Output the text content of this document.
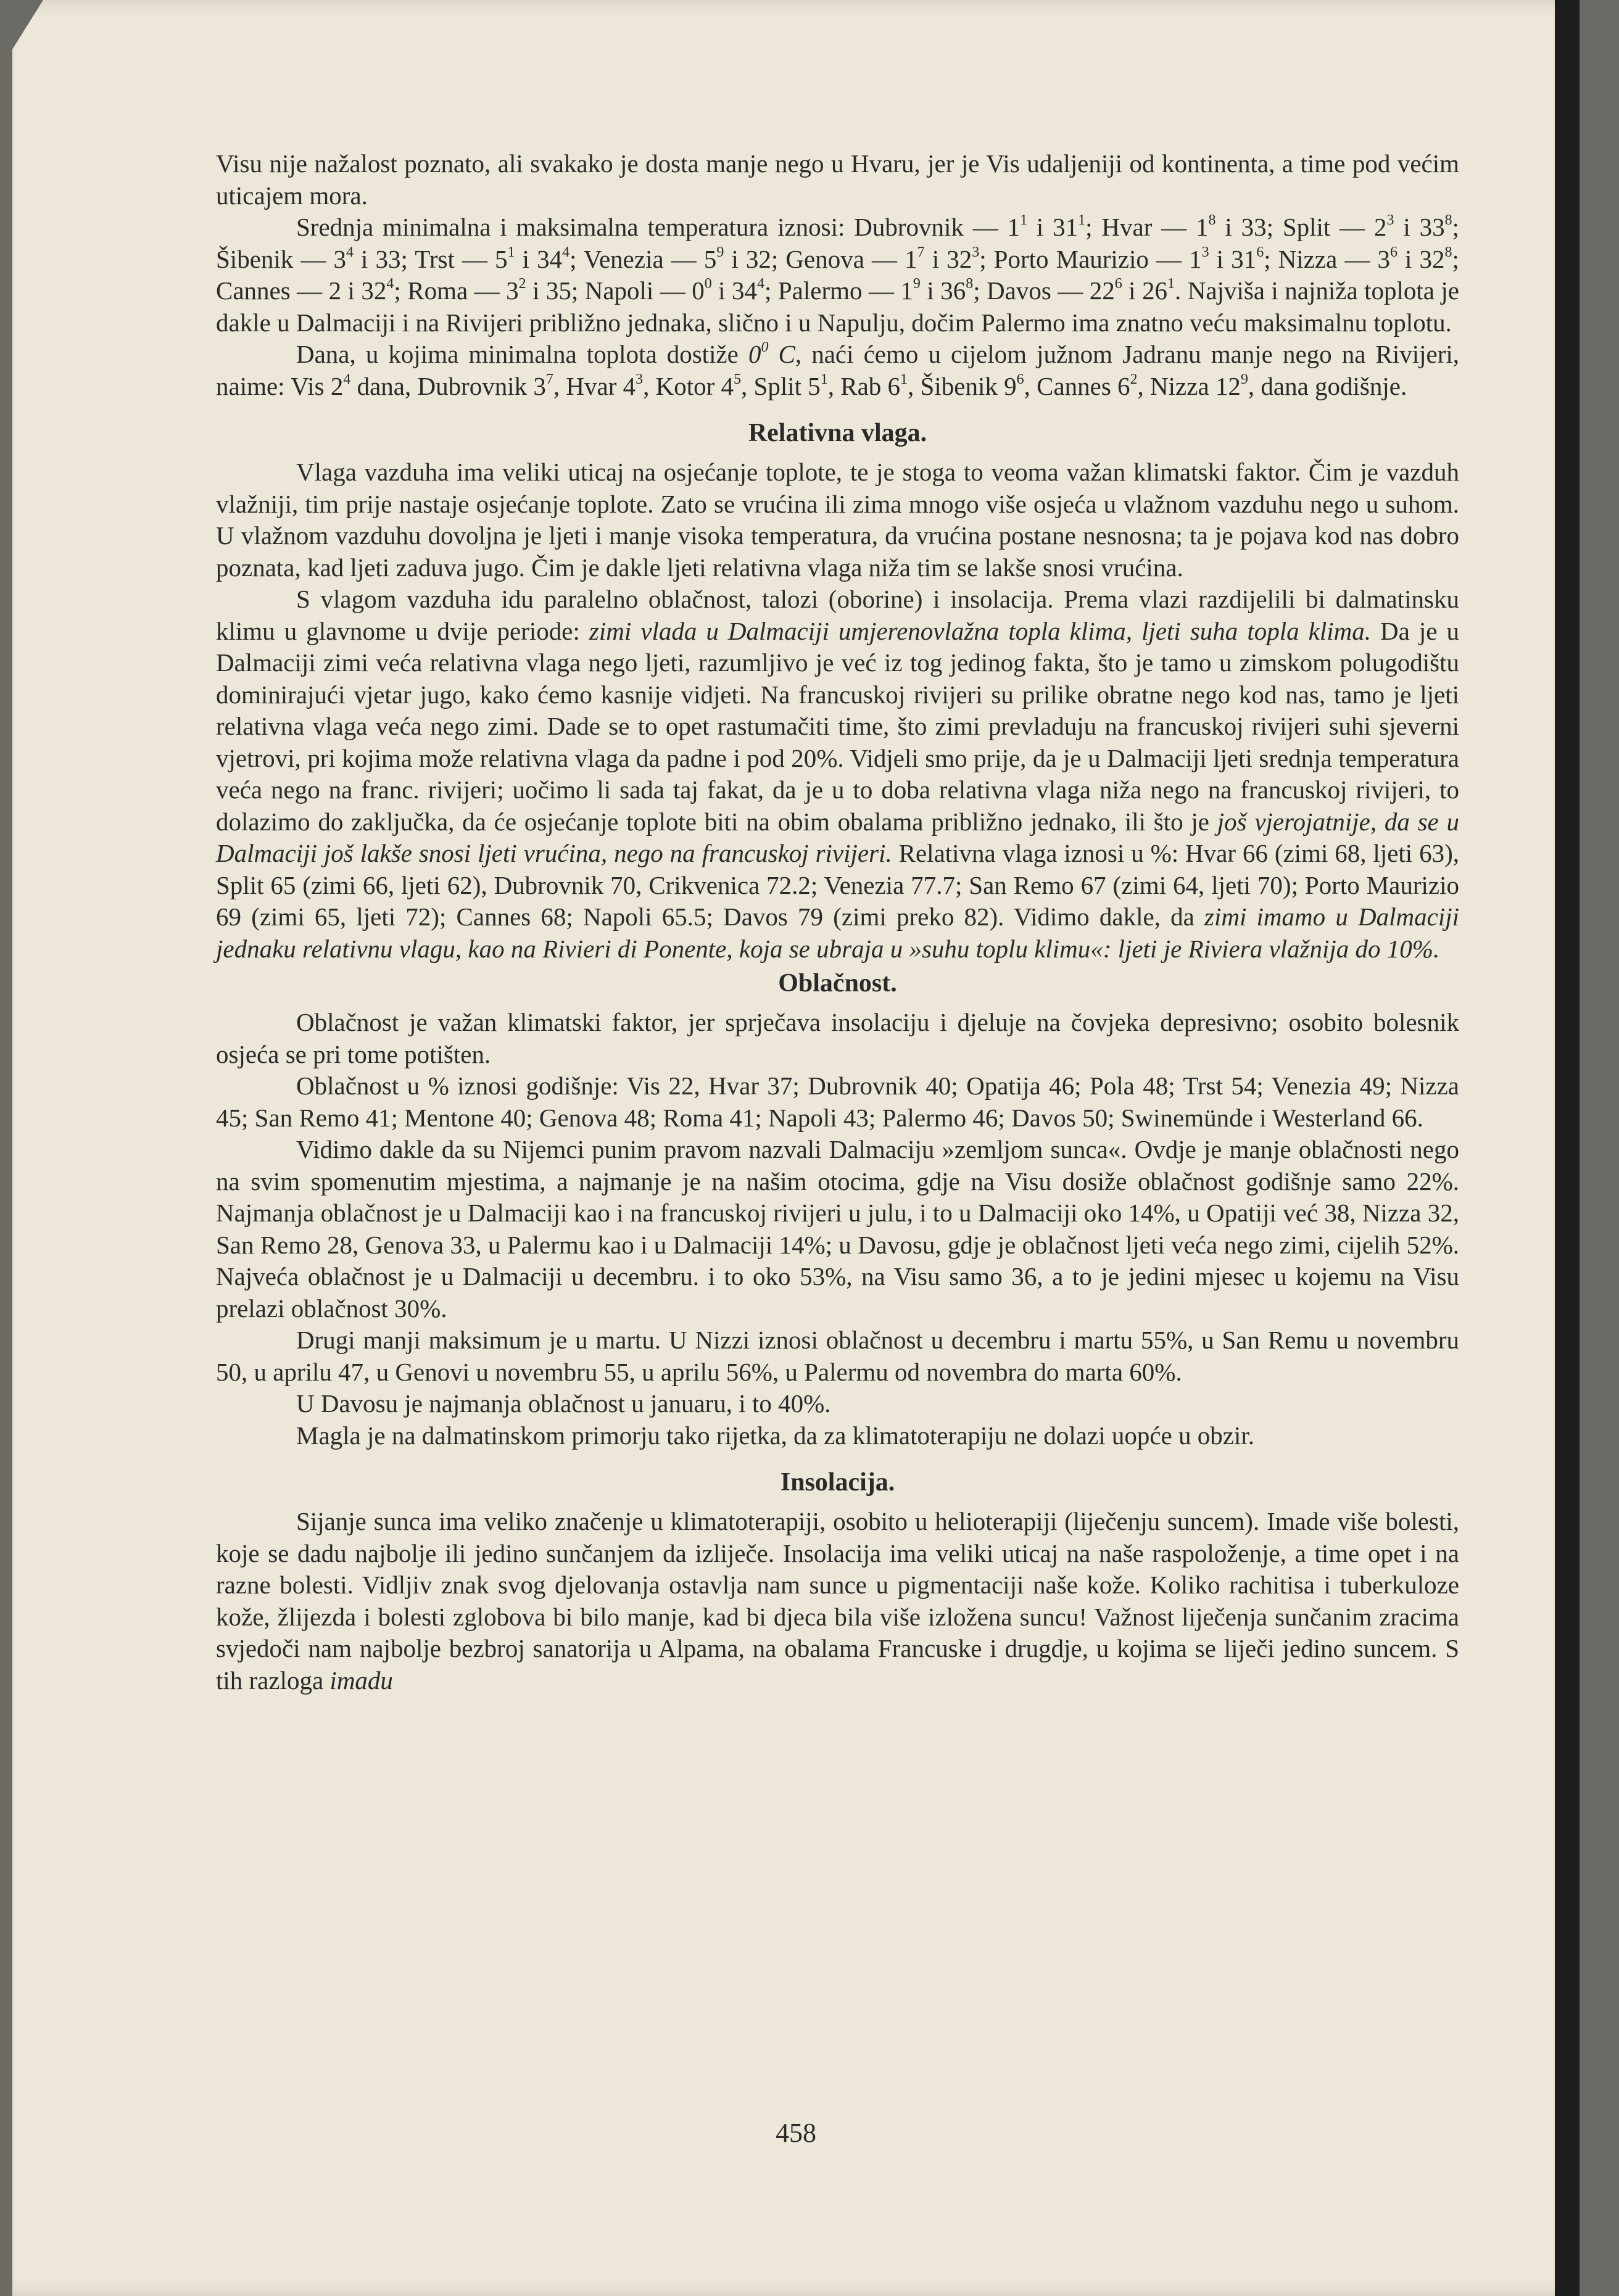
Visu nije nažalost poznato, ali svakako je dosta manje nego u Hvaru, jer je Vis udaljeniji od kontinenta, a time pod većim uticajem mora.

Srednja minimalna i maksimalna temperatura iznosi: Dubrovnik — $1^1$ i $31^1$; Hvar — $1^8$ i 33; Split — $2^3$ i $33^8$; Šibenik — $3^4$ i 33; Trst — $5^1$ i $34^4$; Venezia — $5^9$ i 32; Genova — $1^7$ i $32^3$; Porto Maurizio — $1^3$ i $31^6$; Nizza — $3^6$ i $32^8$; Cannes — 2 i $32^4$; Roma — $3^2$ i 35; Napoli — $0^0$ i $34^4$; Palermo — $1^9$ i $36^8$; Davos — $22^6$ i $26^1$. Najviša i najniža toplota je dakle u Dalmaciji i na Rivijeri približno jednaka, slično i u Napulju, dočim Palermo ima znatno veću maksimalnu toplotu.

Dana, u kojima minimalna toplota dostiže $0^0$ C, naći ćemo u cijelom južnom Jadranu manje nego na Rivijeri, naime: Vis $2^4$ dana, Dubrovnik $3^7$, Hvar $4^3$, Kotor $4^5$, Split $5^1$, Rab $6^1$, Šibenik $9^6$, Cannes $6^2$, Nizza $12^9$, dana godišnje.

Relativna vlaga.

Vlaga vazduha ima veliki uticaj na osjećanje toplote, te je stoga to veoma važan klimatski faktor. Čim je vazduh vlažniji, tim prije nastaje osjećanje toplote. Zato se vrućina ili zima mnogo više osjeća u vlažnom vazduhu nego u suhom. U vlažnom vazduhu dovoljna je ljeti i manje visoka temperatura, da vrućina postane nesnosna; ta je pojava kod nas dobro poznata, kad ljeti zaduva jugo. Čim je dakle ljeti relativna vlaga niža tim se lakše snosi vrućina.

S vlagom vazduha idu paralelno oblačnost, talozi (oborine) i insolacija. Prema vlazi razdijelili bi dalmatinsku klimu u glavnome u dvije periode: zimi vlada u Dalmaciji umjerenovlažna topla klima, ljeti suha topla klima. Da je u Dalmaciji zimi veća relativna vlaga nego ljeti, razumljivo je već iz tog jedinog fakta, što je tamo u zimskom polugodištu dominirajući vjetar jugo, kako ćemo kasnije vidjeti. Na francuskoj rivijeri su prilike obratne nego kod nas, tamo je ljeti relativna vlaga veća nego zimi. Dade se to opet rastumačiti time, što zimi prevladuju na francuskoj rivijeri suhi sjeverni vjetrovi, pri kojima može relativna vlaga da padne i pod 20%. Vidjeli smo prije, da je u Dalmaciji ljeti srednja temperatura veća nego na franc. rivijeri; uočimo li sada taj fakat, da je u to doba relativna vlaga niža nego na francuskoj rivijeri, to dolazimo do zaključka, da će osjećanje toplote biti na obim obalama približno jednako, ili što je još vjerojatnije, da se u Dalmaciji još lakše snosi ljeti vrućina, nego na francuskoj rivijeri. Relativna vlaga iznosi u %: Hvar 66 (zimi 68, ljeti 63), Split 65 (zimi 66, ljeti 62), Dubrovnik 70, Crikvenica 72.2; Venezia 77.7; San Remo 67 (zimi 64, ljeti 70); Porto Maurizio 69 (zimi 65, ljeti 72); Cannes 68; Napoli 65.5; Davos 79 (zimi preko 82). Vidimo dakle, da zimi imamo u Dalmaciji jednaku relativnu vlagu, kao na Rivieri di Ponente, koja se ubraja u »suhu toplu klimu«: ljeti je Riviera vlažnija do 10%.

Oblačnost.

Oblačnost je važan klimatski faktor, jer sprječava insolaciju i djeluje na čovjeka depresivno; osobito bolesnik osjeća se pri tome potišten.

Oblačnost u % iznosi godišnje: Vis 22, Hvar 37; Dubrovnik 40; Opatija 46; Pola 48; Trst 54; Venezia 49; Nizza 45; San Remo 41; Mentone 40; Genova 48; Roma 41; Napoli 43; Palermo 46; Davos 50; Swinemünde i Westerland 66.

Vidimo dakle da su Nijemci punim pravom nazvali Dalmaciju »zemljom sunca«. Ovdje je manje oblačnosti nego na svim spomenutim mjestima, a najmanje je na našim otocima, gdje na Visu dosiže oblačnost godišnje samo 22%. Najmanja oblačnost je u Dalmaciji kao i na francuskoj rivijeri u julu, i to u Dalmaciji oko 14%, u Opatiji već 38, Nizza 32, San Remo 28, Genova 33, u Palermu kao i u Dalmaciji 14%; u Davosu, gdje je oblačnost ljeti veća nego zimi, cijelih 52%. Najveća oblačnost je u Dalmaciji u decembru. i to oko 53%, na Visu samo 36, a to je jedini mjesec u kojemu na Visu prelazi oblačnost 30%.

Drugi manji maksimum je u martu. U Nizzi iznosi oblačnost u decembru i martu 55%, u San Remu u novembru 50, u aprilu 47, u Genovi u novembru 55, u aprilu 56%, u Palermu od novembra do marta 60%.

U Davosu je najmanja oblačnost u januaru, i to 40%.

Magla je na dalmatinskom primorju tako rijetka, da za klimatoterapiju ne dolazi uopće u obzir.

Insolacija.

Sijanje sunca ima veliko značenje u klimatoterapiji, osobito u helioterapiji (liječenju suncem). Imade više bolesti, koje se dadu najbolje ili jedino sunčanjem da izliječe. Insolacija ima veliki uticaj na naše raspoloženje, a time opet i na razne bolesti. Vidljiv znak svog djelovanja ostavlja nam sunce u pigmentaciji naše kože. Koliko rachitisa i tuberkuloze kože, žlijezda i bolesti zglobova bi bilo manje, kad bi djeca bila više izložena suncu! Važnost liječenja sunčanim zracima svjedoči nam najbolje bezbroj sanatorija u Alpama, na obalama Francuske i drugdje, u kojima se liječi jedino suncem. S tih razloga imadu

458
